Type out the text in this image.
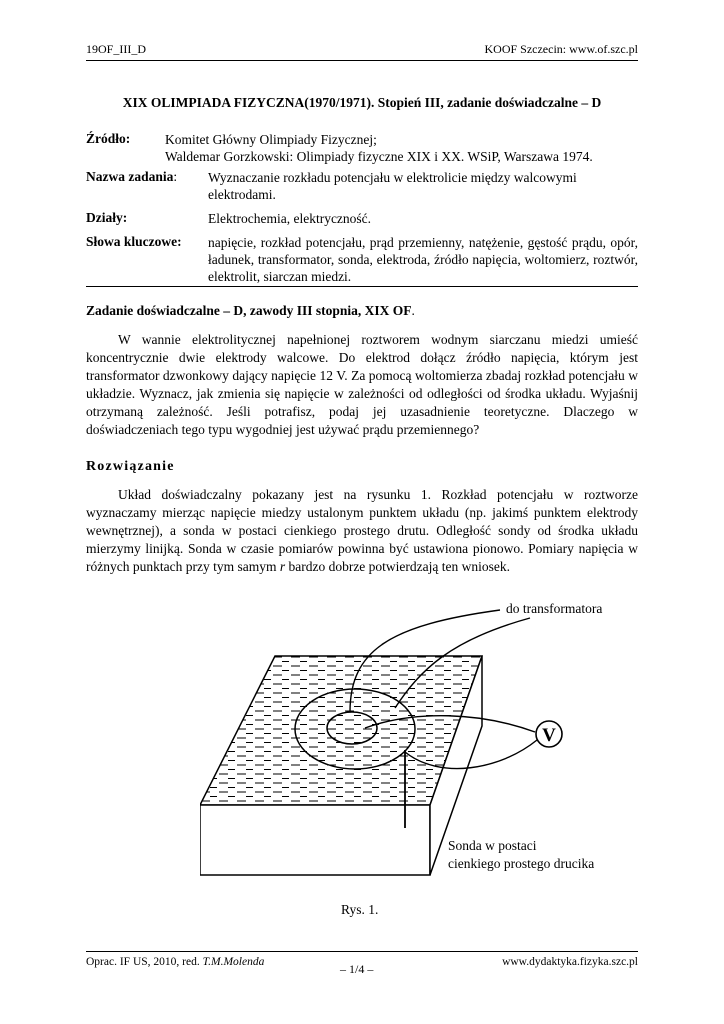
19OF_III_D	KOOF Szczecin: www.of.szc.pl
XIX OLIMPIADA FIZYCZNA(1970/1971). Stopień III, zadanie doświadczalne – D
Źródło:	Komitet Główny Olimpiady Fizycznej;
Waldemar Gorzkowski: Olimpiady fizyczne XIX i XX. WSiP, Warszawa 1974.
Nazwa zadania: Wyznaczanie rozkładu potencjału w elektrolicie między walcowymi elektrodami.
Działy:	Elektrochemia, elektryczność.
Słowa kluczowe: napięcie, rozkład potencjału, prąd przemienny, natężenie, gęstość prądu, opór, ładunek, transformator, sonda, elektroda, źródło napięcia, woltomierz, roztwór, elektrolit, siarczan miedzi.
Zadanie doświadczalne – D, zawody III stopnia, XIX OF.
W wannie elektrolitycznej napełnionej roztworem wodnym siarczanu miedzi umieść koncentrycznie dwie elektrody walcowe. Do elektrod dołącz źródło napięcia, którym jest transformator dzwonkowy dający napięcie 12 V. Za pomocą woltomierza zbadaj rozkład potencjału w układzie. Wyznacz, jak zmienia się napięcie w zależności od odległości od środka układu. Wyjaśnij otrzymaną zależność. Jeśli potrafisz, podaj jej uzasadnienie teoretyczne. Dlaczego w doświadczeniach tego typu wygodniej jest używać prądu przemiennego?
Rozwiązanie
Układ doświadczalny pokazany jest na rysunku 1. Rozkład potencjału w roztworze wyznaczamy mierząc napięcie miedzy ustalonym punktem układu (np. jakimś punktem elektrody wewnętrznej), a sonda w postaci cienkiego prostego drutu. Odległość sondy od środka układu mierzymy linijką. Sonda w czasie pomiarów powinna być ustawiona pionowo. Pomiary napięcia w różnych punktach przy tym samym r bardzo dobrze potwierdzają ten wniosek.
V
do transformatora
Sonda w postaci
cienkiego prostego drucika
Rys. 1.
Oprac. IF US, 2010, red. T.M.Molenda	– 1/4 –	www.dydaktyka.fizyka.szc.pl
